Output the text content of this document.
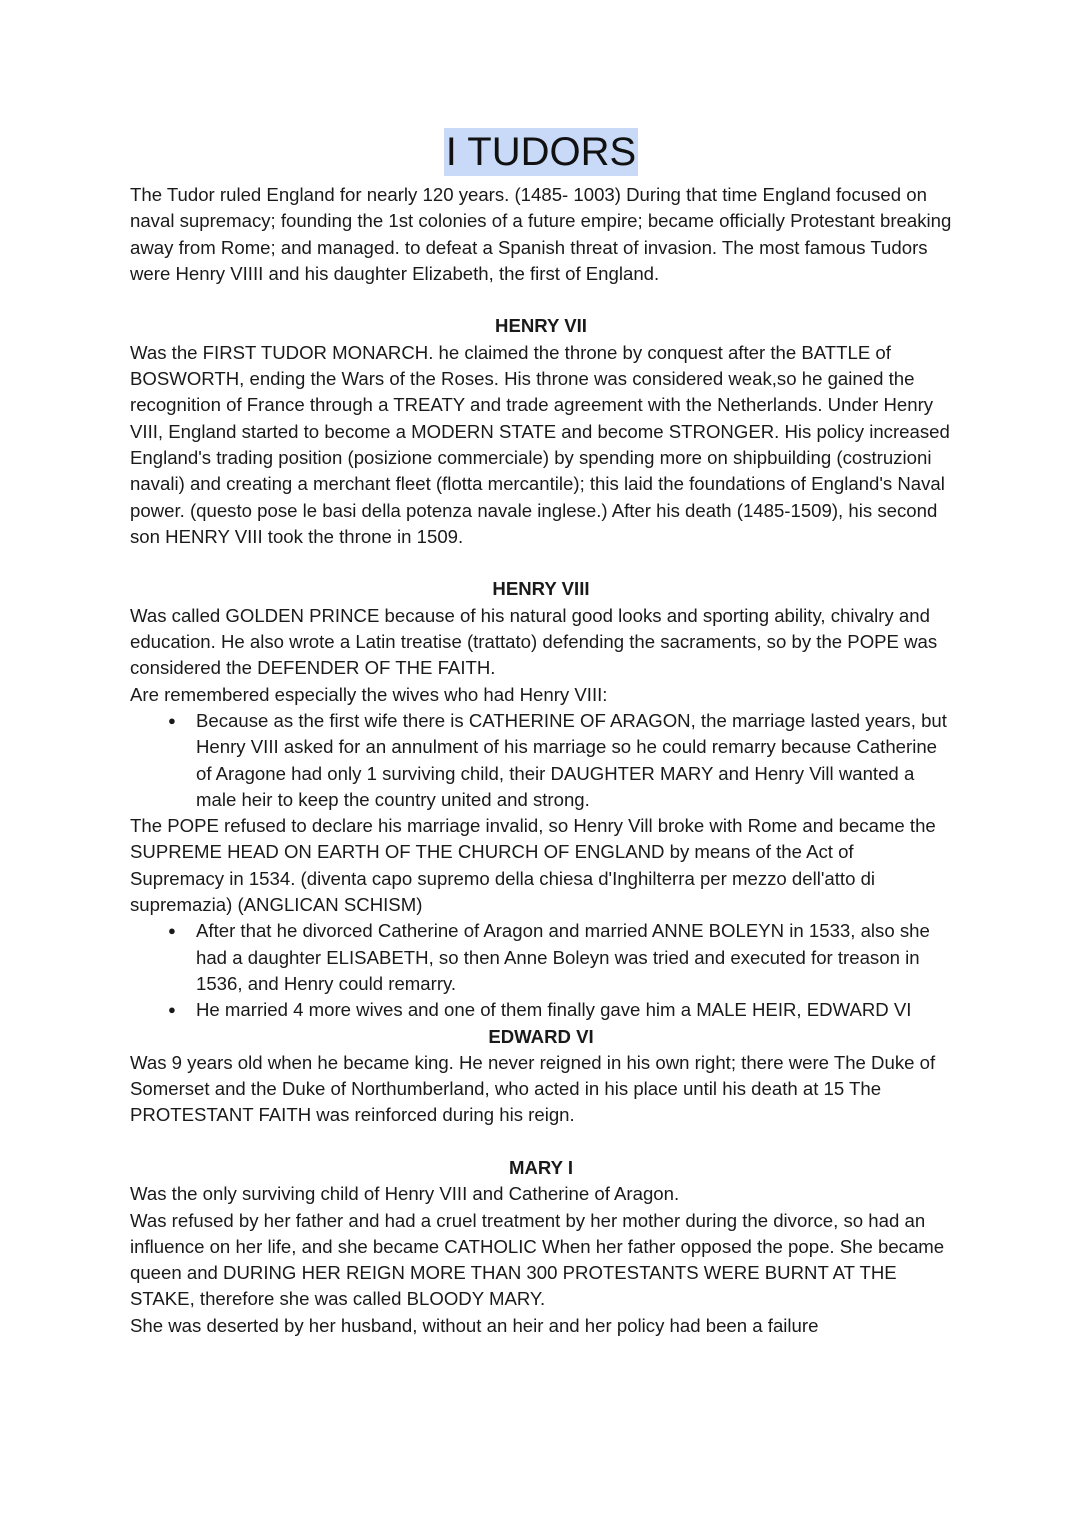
I TUDORS

The Tudor ruled England for nearly 120 years. (1485- 1003) During that time England focused on naval supremacy; founding the 1st colonies of a future empire; became officially Protestant breaking away from Rome; and managed. to defeat a Spanish threat of invasion. The most famous Tudors were Henry VIIII and his daughter Elizabeth, the first of England.

HENRY VII

Was the FIRST TUDOR MONARCH. he claimed the throne by conquest after the BATTLE of BOSWORTH, ending the Wars of the Roses. His throne was considered weak,so he gained the recognition of France through a TREATY and trade agreement with the Netherlands. Under Henry VIII, England started to become a MODERN STATE and become STRONGER. His policy increased England's trading position (posizione commerciale) by spending more on shipbuilding (costruzioni navali) and creating a merchant fleet (flotta mercantile); this laid the foundations of England's Naval power. (questo pose le basi della potenza navale inglese.) After his death (1485-1509), his second son HENRY VIII took the throne in 1509.

HENRY VIII

Was called GOLDEN PRINCE because of his natural good looks and sporting ability, chivalry and education. He also wrote a Latin treatise (trattato) defending the sacraments, so by the POPE was considered the DEFENDER OF THE FAITH.

Are remembered especially the wives who had Henry VIII:

● Because as the first wife there is CATHERINE OF ARAGON, the marriage lasted years, but Henry VIII asked for an annulment of his marriage so he could remarry because Catherine of Aragone had only 1 surviving child, their DAUGHTER MARY and Henry Vill wanted a male heir to keep the country united and strong.

The POPE refused to declare his marriage invalid, so Henry Vill broke with Rome and became the SUPREME HEAD ON EARTH OF THE CHURCH OF ENGLAND by means of the Act of Supremacy in 1534. (diventa capo supremo della chiesa d'Inghilterra per mezzo dell'atto di supremazia) (ANGLICAN SCHISM)

● After that he divorced Catherine of Aragon and married ANNE BOLEYN in 1533, also she had a daughter ELISABETH, so then Anne Boleyn was tried and executed for treason in 1536, and Henry could remarry.
● He married 4 more wives and one of them finally gave him a MALE HEIR, EDWARD VI
EDWARD VI

Was 9 years old when he became king. He never reigned in his own right; there were The Duke of Somerset and the Duke of Northumberland, who acted in his place until his death at 15 The PROTESTANT FAITH was reinforced during his reign.

MARY I

Was the only surviving child of Henry VIII and Catherine of Aragon.

Was refused by her father and had a cruel treatment by her mother during the divorce, so had an influence on her life, and she became CATHOLIC When her father opposed the pope. She became queen and DURING HER REIGN MORE THAN 300 PROTESTANTS WERE BURNT AT THE STAKE, therefore she was called BLOODY MARY.

She was deserted by her husband, without an heir and her policy had been a failure
